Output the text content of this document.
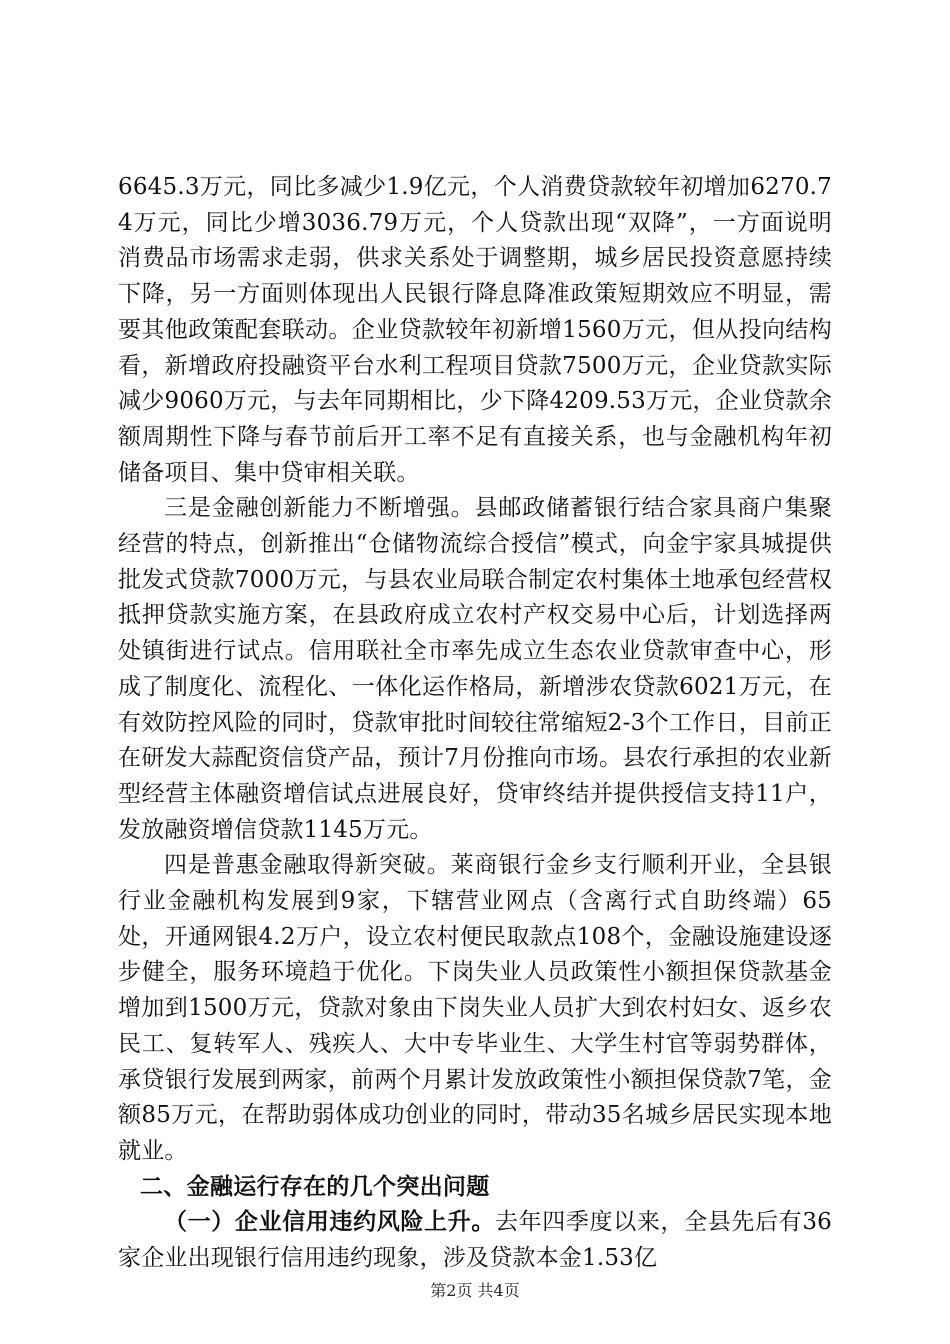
6645.3万元，同比多减少1.9亿元，个人消费贷款较年初增加6270.74万元，同比少增3036.79万元，个人贷款出现“双降”，一方面说明消费品市场需求走弱，供求关系处于调整期，城乡居民投资意愿持续下降，另一方面则体现出人民银行降息降准政策短期效应不明显，需要其他政策配套联动。企业贷款较年初新增1560万元，但从投向结构看，新增政府投融资平台水利工程项目贷款7500万元，企业贷款实际减少9060万元，与去年同期相比，少下降4209.53万元，企业贷款余额周期性下降与春节前后开工率不足有直接关系，也与金融机构年初储备项目、集中贷审相关联。

三是金融创新能力不断增强。县邮政储蓄银行结合家具商户集聚经营的特点，创新推出“仓储物流综合授信”模式，向金宇家具城提供批发式贷款7000万元，与县农业局联合制定农村集体土地承包经营权抵押贷款实施方案，在县政府成立农村产权交易中心后，计划选择两处镇街进行试点。信用联社全市率先成立生态农业贷款审查中心，形成了制度化、流程化、一体化运作格局，新增涉农贷款6021万元，在有效防控风险的同时，贷款审批时间较往常缩短2-3个工作日，目前正在研发大蒜配资信贷产品，预计7月份推向市场。县农行承担的农业新型经营主体融资增信试点进展良好，贷审终结并提供授信支持11户，发放融资增信贷款1145万元。

四是普惠金融取得新突破。莱商银行金乡支行顺利开业，全县银行业金融机构发展到9家，下辖营业网点（含离行式自助终端）65处，开通网银4.2万户，设立农村便民取款点108个，金融设施建设逐步健全，服务环境趋于优化。下岗失业人员政策性小额担保贷款基金增加到1500万元，贷款对象由下岗失业人员扩大到农村妇女、返乡农民工、复转军人、残疾人、大中专毕业生、大学生村官等弱势群体，承贷银行发展到两家，前两个月累计发放政策性小额担保贷款7笔，金额85万元，在帮助弱体成功创业的同时，带动35名城乡居民实现本地就业。

二、金融运行存在的几个突出问题

（一）企业信用违约风险上升。去年四季度以来，全县先后有36家企业出现银行信用违约现象，涉及贷款本金1.53亿

第2页 共4页
